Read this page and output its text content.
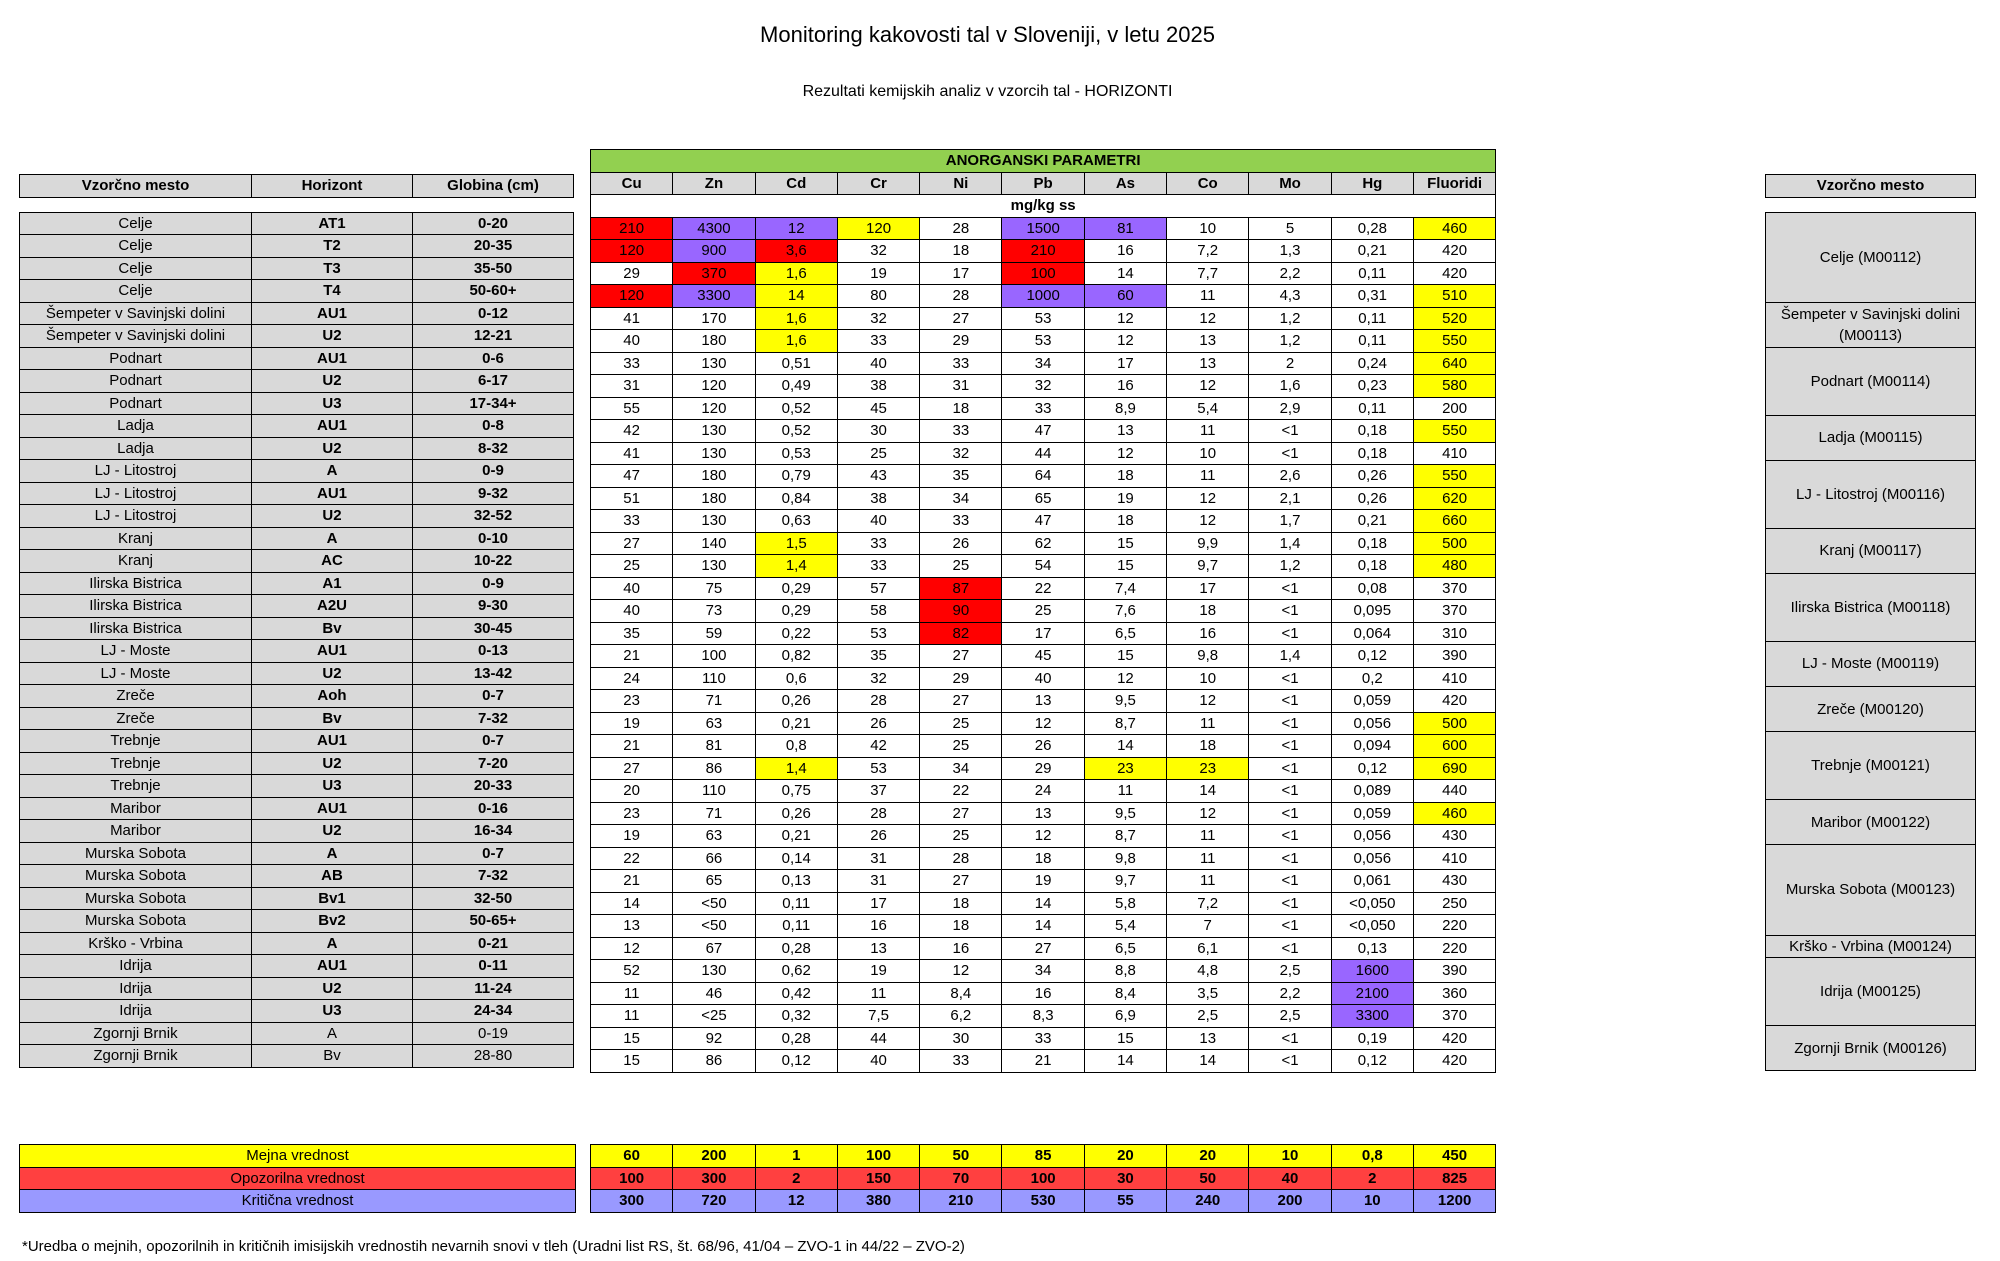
Monitoring kakovosti tal v Sloveniji, v letu 2025
Rezultati kemijskih analiz v vzorcih tal - HORIZONTI
Vzorčno mesto	Horizont	Globina (cm)

Celje	AT1	0-20
Celje	T2	20-35
Celje	T3	35-50
Celje	T4	50-60+
Šempeter v Savinjski dolini	AU1	0-12
Šempeter v Savinjski dolini	U2	12-21
Podnart	AU1	0-6
Podnart	U2	6-17
Podnart	U3	17-34+
Ladja	AU1	0-8
Ladja	U2	8-32
LJ - Litostroj	A	0-9
LJ - Litostroj	AU1	9-32
LJ - Litostroj	U2	32-52
Kranj	A	0-10
Kranj	AC	10-22
Ilirska Bistrica	A1	0-9
Ilirska Bistrica	A2U	9-30
Ilirska Bistrica	Bv	30-45
LJ - Moste	AU1	0-13
LJ - Moste	U2	13-42
Zreče	Aoh	0-7
Zreče	Bv	7-32
Trebnje	AU1	0-7
Trebnje	U2	7-20
Trebnje	U3	20-33
Maribor	AU1	0-16
Maribor	U2	16-34
Murska Sobota	A	0-7
Murska Sobota	AB	7-32
Murska Sobota	Bv1	32-50
Murska Sobota	Bv2	50-65+
Krško - Vrbina	A	0-21
Idrija	AU1	0-11
Idrija	U2	11-24
Idrija	U3	24-34
Zgornji Brnik	A	0-19
Zgornji Brnik	Bv	28-80
ANORGANSKI PARAMETRI										
Cu	Zn	Cd	Cr	Ni	Pb	As	Co	Mo	Hg	Fluoridi
mg/kg ss										
210	4300	12	120	28	1500	81	10	5	0,28	460
120	900	3,6	32	18	210	16	7,2	1,3	0,21	420
29	370	1,6	19	17	100	14	7,7	2,2	0,11	420
120	3300	14	80	28	1000	60	11	4,3	0,31	510
41	170	1,6	32	27	53	12	12	1,2	0,11	520
40	180	1,6	33	29	53	12	13	1,2	0,11	550
33	130	0,51	40	33	34	17	13	2	0,24	640
31	120	0,49	38	31	32	16	12	1,6	0,23	580
55	120	0,52	45	18	33	8,9	5,4	2,9	0,11	200
42	130	0,52	30	33	47	13	11	<1	0,18	550
41	130	0,53	25	32	44	12	10	<1	0,18	410
47	180	0,79	43	35	64	18	11	2,6	0,26	550
51	180	0,84	38	34	65	19	12	2,1	0,26	620
33	130	0,63	40	33	47	18	12	1,7	0,21	660
27	140	1,5	33	26	62	15	9,9	1,4	0,18	500
25	130	1,4	33	25	54	15	9,7	1,2	0,18	480
40	75	0,29	57	87	22	7,4	17	<1	0,08	370
40	73	0,29	58	90	25	7,6	18	<1	0,095	370
35	59	0,22	53	82	17	6,5	16	<1	0,064	310
21	100	0,82	35	27	45	15	9,8	1,4	0,12	390
24	110	0,6	32	29	40	12	10	<1	0,2	410
23	71	0,26	28	27	13	9,5	12	<1	0,059	420
19	63	0,21	26	25	12	8,7	11	<1	0,056	500
21	81	0,8	42	25	26	14	18	<1	0,094	600
27	86	1,4	53	34	29	23	23	<1	0,12	690
20	110	0,75	37	22	24	11	14	<1	0,089	440
23	71	0,26	28	27	13	9,5	12	<1	0,059	460
19	63	0,21	26	25	12	8,7	11	<1	0,056	430
22	66	0,14	31	28	18	9,8	11	<1	0,056	410
21	65	0,13	31	27	19	9,7	11	<1	0,061	430
14	<50	0,11	17	18	14	5,8	7,2	<1	<0,050	250
13	<50	0,11	16	18	14	5,4	7	<1	<0,050	220
12	67	0,28	13	16	27	6,5	6,1	<1	0,13	220
52	130	0,62	19	12	34	8,8	4,8	2,5	1600	390
11	46	0,42	11	8,4	16	8,4	3,5	2,2	2100	360
11	<25	0,32	7,5	6,2	8,3	6,9	2,5	2,5	3300	370
15	92	0,28	44	30	33	15	13	<1	0,19	420
15	86	0,12	40	33	21	14	14	<1	0,12	420
Vzorčno mesto

Celje (M00112)
Šempeter v Savinjski dolini (M00113)
Podnart (M00114)
Ladja (M00115)
LJ - Litostroj (M00116)
Kranj (M00117)
Ilirska Bistrica (M00118)
LJ - Moste (M00119)
Zreče (M00120)
Trebnje (M00121)
Maribor (M00122)
Murska Sobota (M00123)
Krško - Vrbina (M00124)
Idrija (M00125)
Zgornji Brnik (M00126)
Mejna vrednost
Opozorilna vrednost
Kritična vrednost
60	200	1	100	50	85	20	20	10	0,8	450
100	300	2	150	70	100	30	50	40	2	825
300	720	12	380	210	530	55	240	200	10	1200
*Uredba o mejnih, opozorilnih in kritičnih imisijskih vrednostih nevarnih snovi v tleh (Uradni list RS, št. 68/96, 41/04 – ZVO-1 in 44/22 – ZVO-2)
